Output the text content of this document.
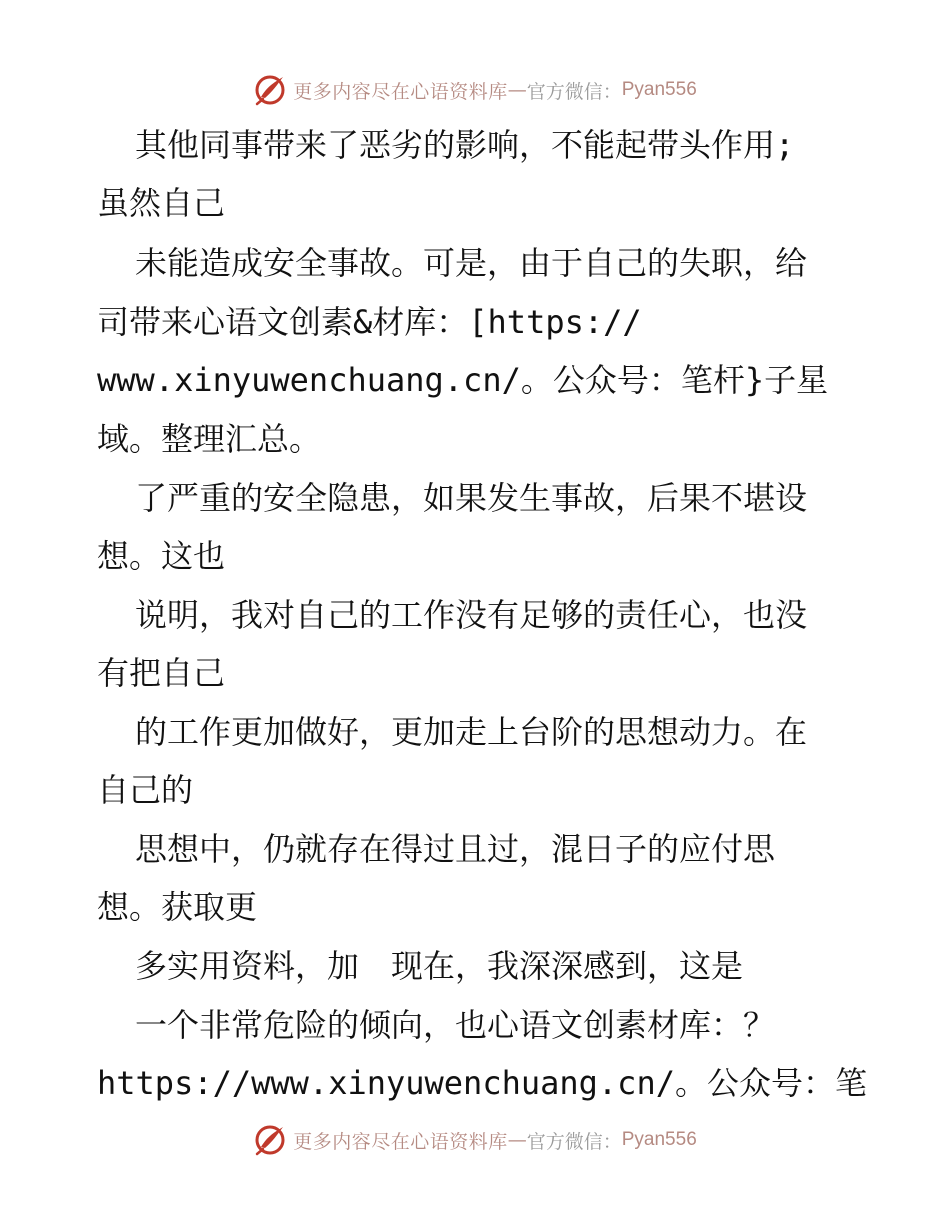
更多内容尽在心语资料库 — 官方微信： Pyan556
其他同事带来了恶劣的影响，不能起带头作用;
虽然自己
未能造成安全事故。可是，由于自己的失职，给
司带来心语文创素&材库：[https://
www.xinyuwenchuang.cn/。公众号：笔杆}子星
域。整理汇总。
了严重的安全隐患，如果发生事故，后果不堪设
想。这也
说明，我对自己的工作没有足够的责任心，也没
有把自己
的工作更加做好，更加走上台阶的思想动力。在
自己的
思想中，仍就存在得过且过，混日子的应付思
想。获取更
多实用资料，加　现在，我深深感到，这是
一个非常危险的倾向，也心语文创素材库：？
https://www.xinyuwenchuang.cn/。公众号：笔
更多内容尽在心语资料库 — 官方微信： Pyan556
